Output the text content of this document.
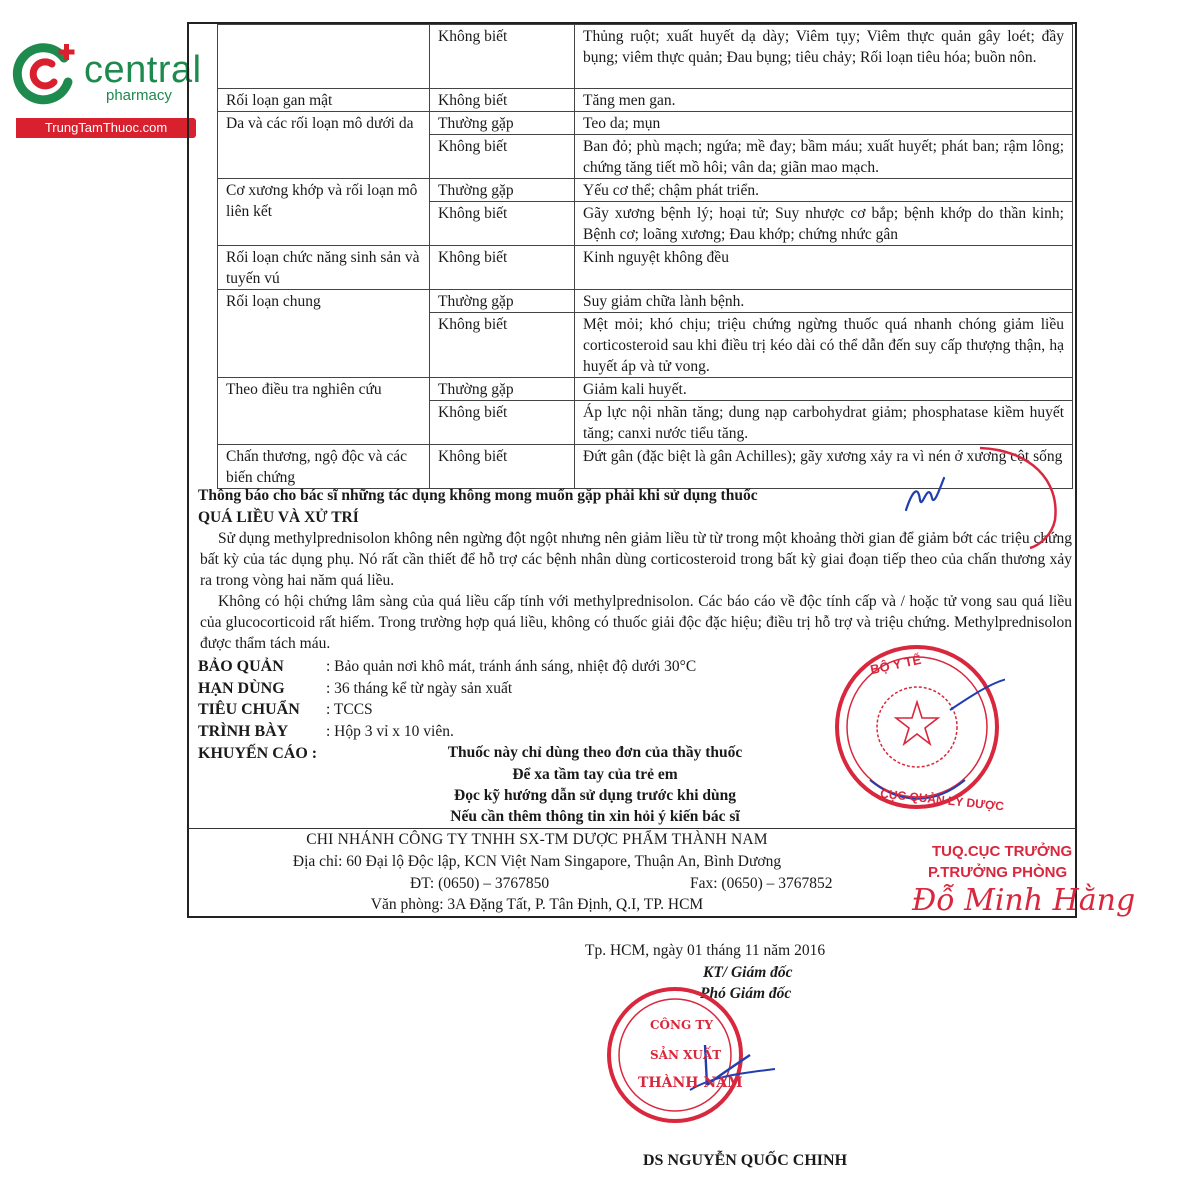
central
pharmacy
TrungTamThuoc.com
	Không biết	Thủng ruột; xuất huyết dạ dày; Viêm tụy; Viêm thực quản gây loét; đầy bụng; viêm thực quản; Đau bụng; tiêu chảy; Rối loạn tiêu hóa; buồn nôn.
Rối loạn gan mật	Không biết	Tăng men gan.
Da và các rối loạn mô dưới da	Thường gặp	Teo da; mụn
	Không biết	Ban đỏ; phù mạch; ngứa; mề đay; bầm máu; xuất huyết; phát ban; rậm lông; chứng tăng tiết mồ hôi; vân da; giãn mao mạch.
Cơ xương khớp và rối loạn mô liên kết	Thường gặp	Yếu cơ thể; chậm phát triển.
	Không biết	Gãy xương bệnh lý; hoại tử; Suy nhược cơ bắp; bệnh khớp do thần kinh; Bệnh cơ; loãng xương; Đau khớp; chứng nhức gân
Rối loạn chức năng sinh sản và tuyến vú	Không biết	Kinh nguyệt không đều
Rối loạn chung	Thường gặp	Suy giảm chữa lành bệnh.
	Không biết	Mệt mỏi; khó chịu; triệu chứng ngừng thuốc quá nhanh chóng giảm liều corticosteroid sau khi điều trị kéo dài có thể dẫn đến suy cấp thượng thận, hạ huyết áp và tử vong.
Theo điều tra nghiên cứu	Thường gặp	Giảm kali huyết.
	Không biết	Áp lực nội nhãn tăng; dung nạp carbohydrat giảm; phosphatase kiềm huyết tăng; canxi nước tiểu tăng.
Chấn thương, ngộ độc và các biến chứng	Không biết	Đứt gân (đặc biệt là gân Achilles); gãy xương xảy ra vì nén ở xương cột sống
Thông báo cho bác sĩ những tác dụng không mong muốn gặp phải khi sử dụng thuốc
QUÁ LIỀU VÀ XỬ TRÍ
Sử dụng methylprednisolon không nên ngừng đột ngột nhưng nên giảm liều từ từ trong một khoảng thời gian để giảm bớt các triệu chứng bất kỳ của tác dụng phụ. Nó rất cần thiết để hỗ trợ các bệnh nhân dùng corticosteroid trong bất kỳ giai đoạn tiếp theo của chấn thương xảy ra trong vòng hai năm quá liều.
Không có hội chứng lâm sàng của quá liều cấp tính với methylprednisolon. Các báo cáo về độc tính cấp và / hoặc tử vong sau quá liều của glucocorticoid rất hiếm. Trong trường hợp quá liều, không có thuốc giải độc đặc hiệu; điều trị hỗ trợ và triệu chứng. Methylprednisolon được thẩm tách máu.
BẢO QUẢN	: Bảo quản nơi khô mát, tránh ánh sáng, nhiệt độ dưới 30°C
HẠN DÙNG	: 36 tháng kể từ ngày sản xuất
TIÊU CHUẨN : TCCS
TRÌNH BÀY : Hộp 3 vỉ x 10 viên.
KHUYẾN CÁO :	Thuốc này chỉ dùng theo đơn của thầy thuốc
Để xa tầm tay của trẻ em
Đọc kỹ hướng dẫn sử dụng trước khi dùng
Nếu cần thêm thông tin xin hỏi ý kiến bác sĩ
CHI NHÁNH CÔNG TY TNHH SX-TM DƯỢC PHẨM THÀNH NAM
Địa chỉ: 60 Đại lộ Độc lập, KCN Việt Nam Singapore, Thuận An, Bình Dương
ĐT: (0650) – 3767850	Fax: (0650) – 3767852
Văn phòng: 3A Đặng Tất, P. Tân Định, Q.I, TP. HCM
BỘ Y TẾ
CỤC QUẢN LÝ DƯỢC
TUQ.CỤC TRƯỞNG
P.TRƯỞNG PHÒNG
Đỗ Minh Hằng
Tp. HCM, ngày 01 tháng 11 năm 2016
KT/ Giám đốc
Phó Giám đốc
CÔNG TY
SẢN XUẤT
THÀNH NAM
DS NGUYỄN QUỐC CHINH
